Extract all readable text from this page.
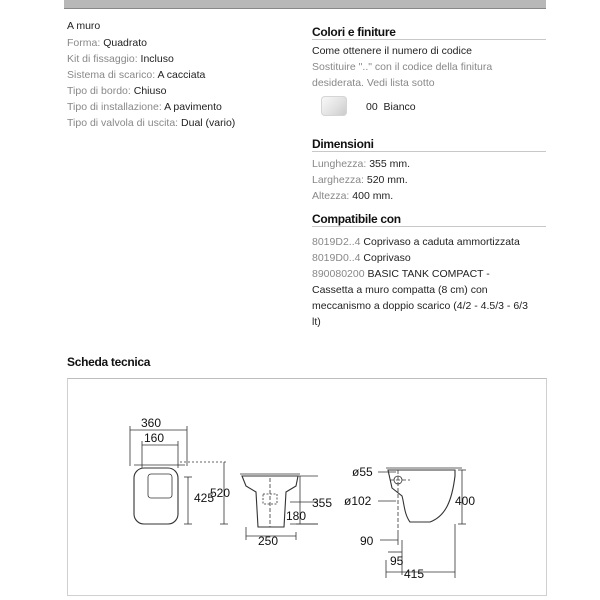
A muro
Forma: Quadrato
Kit di fissaggio: Incluso
Sistema di scarico: A cacciata
Tipo di bordo: Chiuso
Tipo di installazione: A pavimento
Tipo di valvola di uscita: Dual (vario)
Colori e finiture
Come ottenere il numero di codice
Sostituire ".." con il codice della finitura
desiderata. Vedi lista sotto
00 Bianco
Dimensioni
Lunghezza: 355 mm.
Larghezza: 520 mm.
Altezza: 400 mm.
Compatibile con
8019D2..4 Coprivaso a caduta ammortizzata
8019D0..4 Coprivaso
890080200 BASIC TANK COMPACT -
Cassetta a muro compatta (8 cm) con
meccanismo a doppio scarico (4/2 - 4.5/3 - 6/3
lt)
Scheda tecnica
360
160
425
520
355
180
250
ø55
ø102	400
90
95
415
